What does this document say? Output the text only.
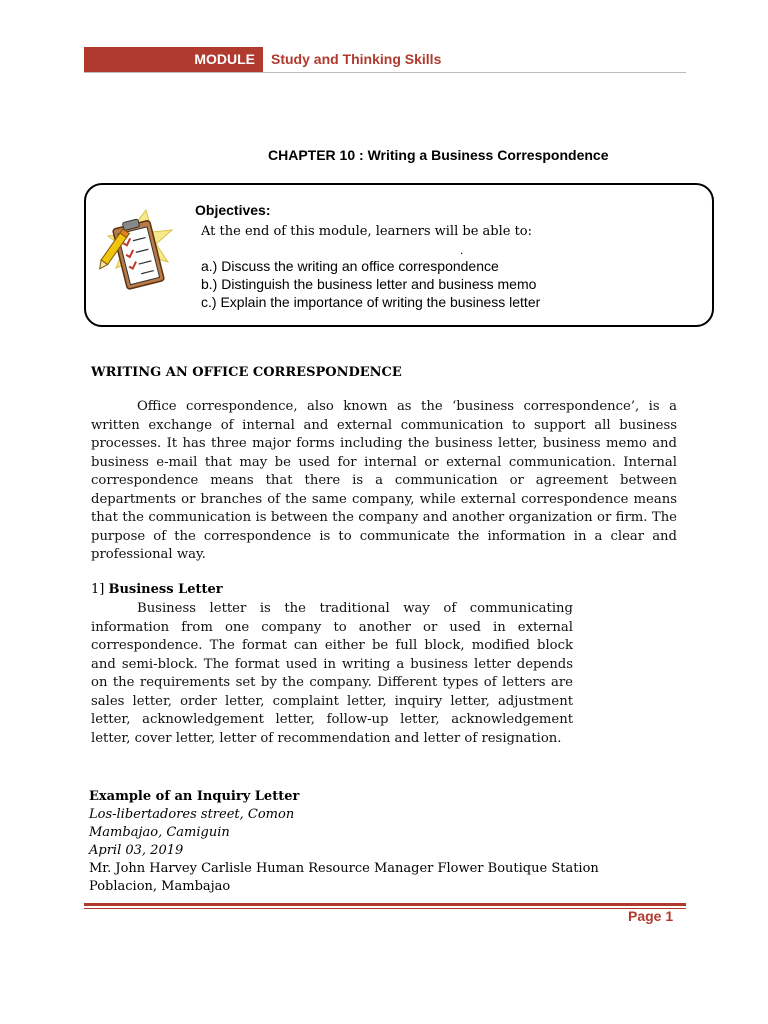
MODULE	Study and Thinking Skills
CHAPTER 10 : Writing a Business Correspondence
Objectives:
At the end of this module, learners will be able to:
.
a.) Discuss the writing an office correspondence
b.) Distinguish the business letter and business memo
c.) Explain the importance of writing the business letter
WRITING AN OFFICE CORRESPONDENCE

Office correspondence, also known as the ‘business correspondence’, is a written exchange of internal and external communication to support all business processes. It has three major forms including the business letter, business memo and business e-mail that may be used for internal or external communication. Internal correspondence means that there is a communication or agreement between departments or branches of the same company, while external correspondence means that the communication is between the company and another organization or firm. The purpose of the correspondence is to communicate the information in a clear and professional way.

1] Business Letter

Business letter is the traditional way of communicating information from one company to another or used in external correspondence. The format can either be full block, modified block and semi-block. The format used in writing a business letter depends on the requirements set by the company. Different types of letters are sales letter, order letter, complaint letter, inquiry letter, adjustment letter, acknowledgement letter, follow-up letter, acknowledgement letter, cover letter, letter of recommendation and letter of resignation.

Example of an Inquiry Letter
Los-libertadores street, Comon
Mambajao, Camiguin
April 03, 2019
Mr. John Harvey Carlisle Human Resource Manager Flower Boutique Station
Poblacion, Mambajao
Page 1
